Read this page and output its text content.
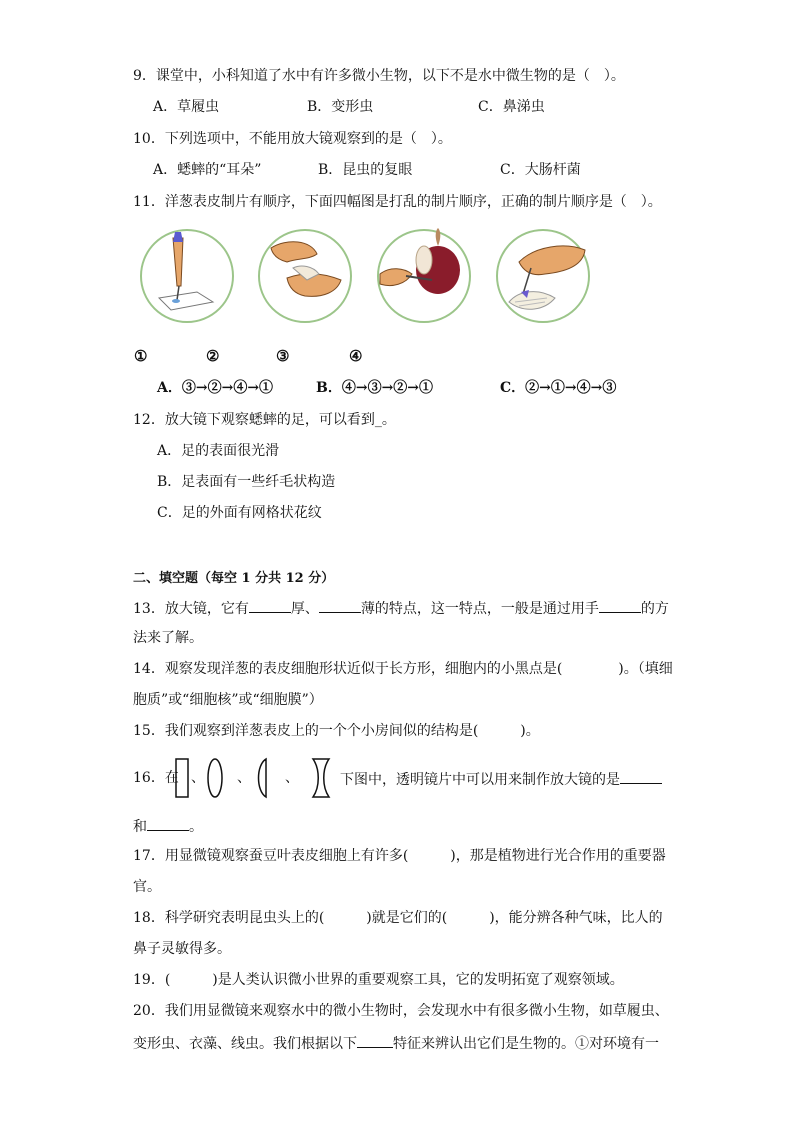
9．课堂中，小科知道了水中有许多微小生物，以下不是水中微生物的是（　）。
A．草履虫	B．变形虫	C．鼻涕虫
10．下列选项中，不能用放大镜观察到的是（　）。
A．蟋蟀的“耳朵”	B．昆虫的复眼	C．大肠杆菌
11．洋葱表皮制片有顺序，下面四幅图是打乱的制片顺序，正确的制片顺序是（　）。
①	②	③	④
A．③→②→④→①	B．④→③→②→①	C．②→①→④→③
12．放大镜下观察蟋蟀的足，可以看到_。
A．足的表面很光滑
B．足表面有一些纤毛状构造
C．足的外面有网格状花纹
二、填空题（每空 1 分共 12 分）
13．放大镜，它有	厚、	薄的特点，这一特点，一般是通过用手	的方
法来了解。
14．观察发现洋葱的表皮细胞形状近似于长方形，细胞内的小黑点是(　　　　)。（填细
胞质”或“细胞核”或“细胞膜”）
15．我们观察到洋葱表皮上的一个个小房间似的结构是(　　　)。
16．在 、 、 、	下图中，透明镜片中可以用来制作放大镜的是
和	。
17．用显微镜观察蚕豆叶表皮细胞上有许多(　　　)，那是植物进行光合作用的重要器
官。
18．科学研究表明昆虫头上的(　　　)就是它们的(　　　)，能分辨各种气味，比人的
鼻子灵敏得多。
19．(　　　)是人类认识微小世界的重要观察工具，它的发明拓宽了观察领域。
20．我们用显微镜来观察水中的微小生物时，会发现水中有很多微小生物，如草履虫、
变形虫、衣藻、线虫。我们根据以下	特征来辨认出它们是生物的。①对环境有一
